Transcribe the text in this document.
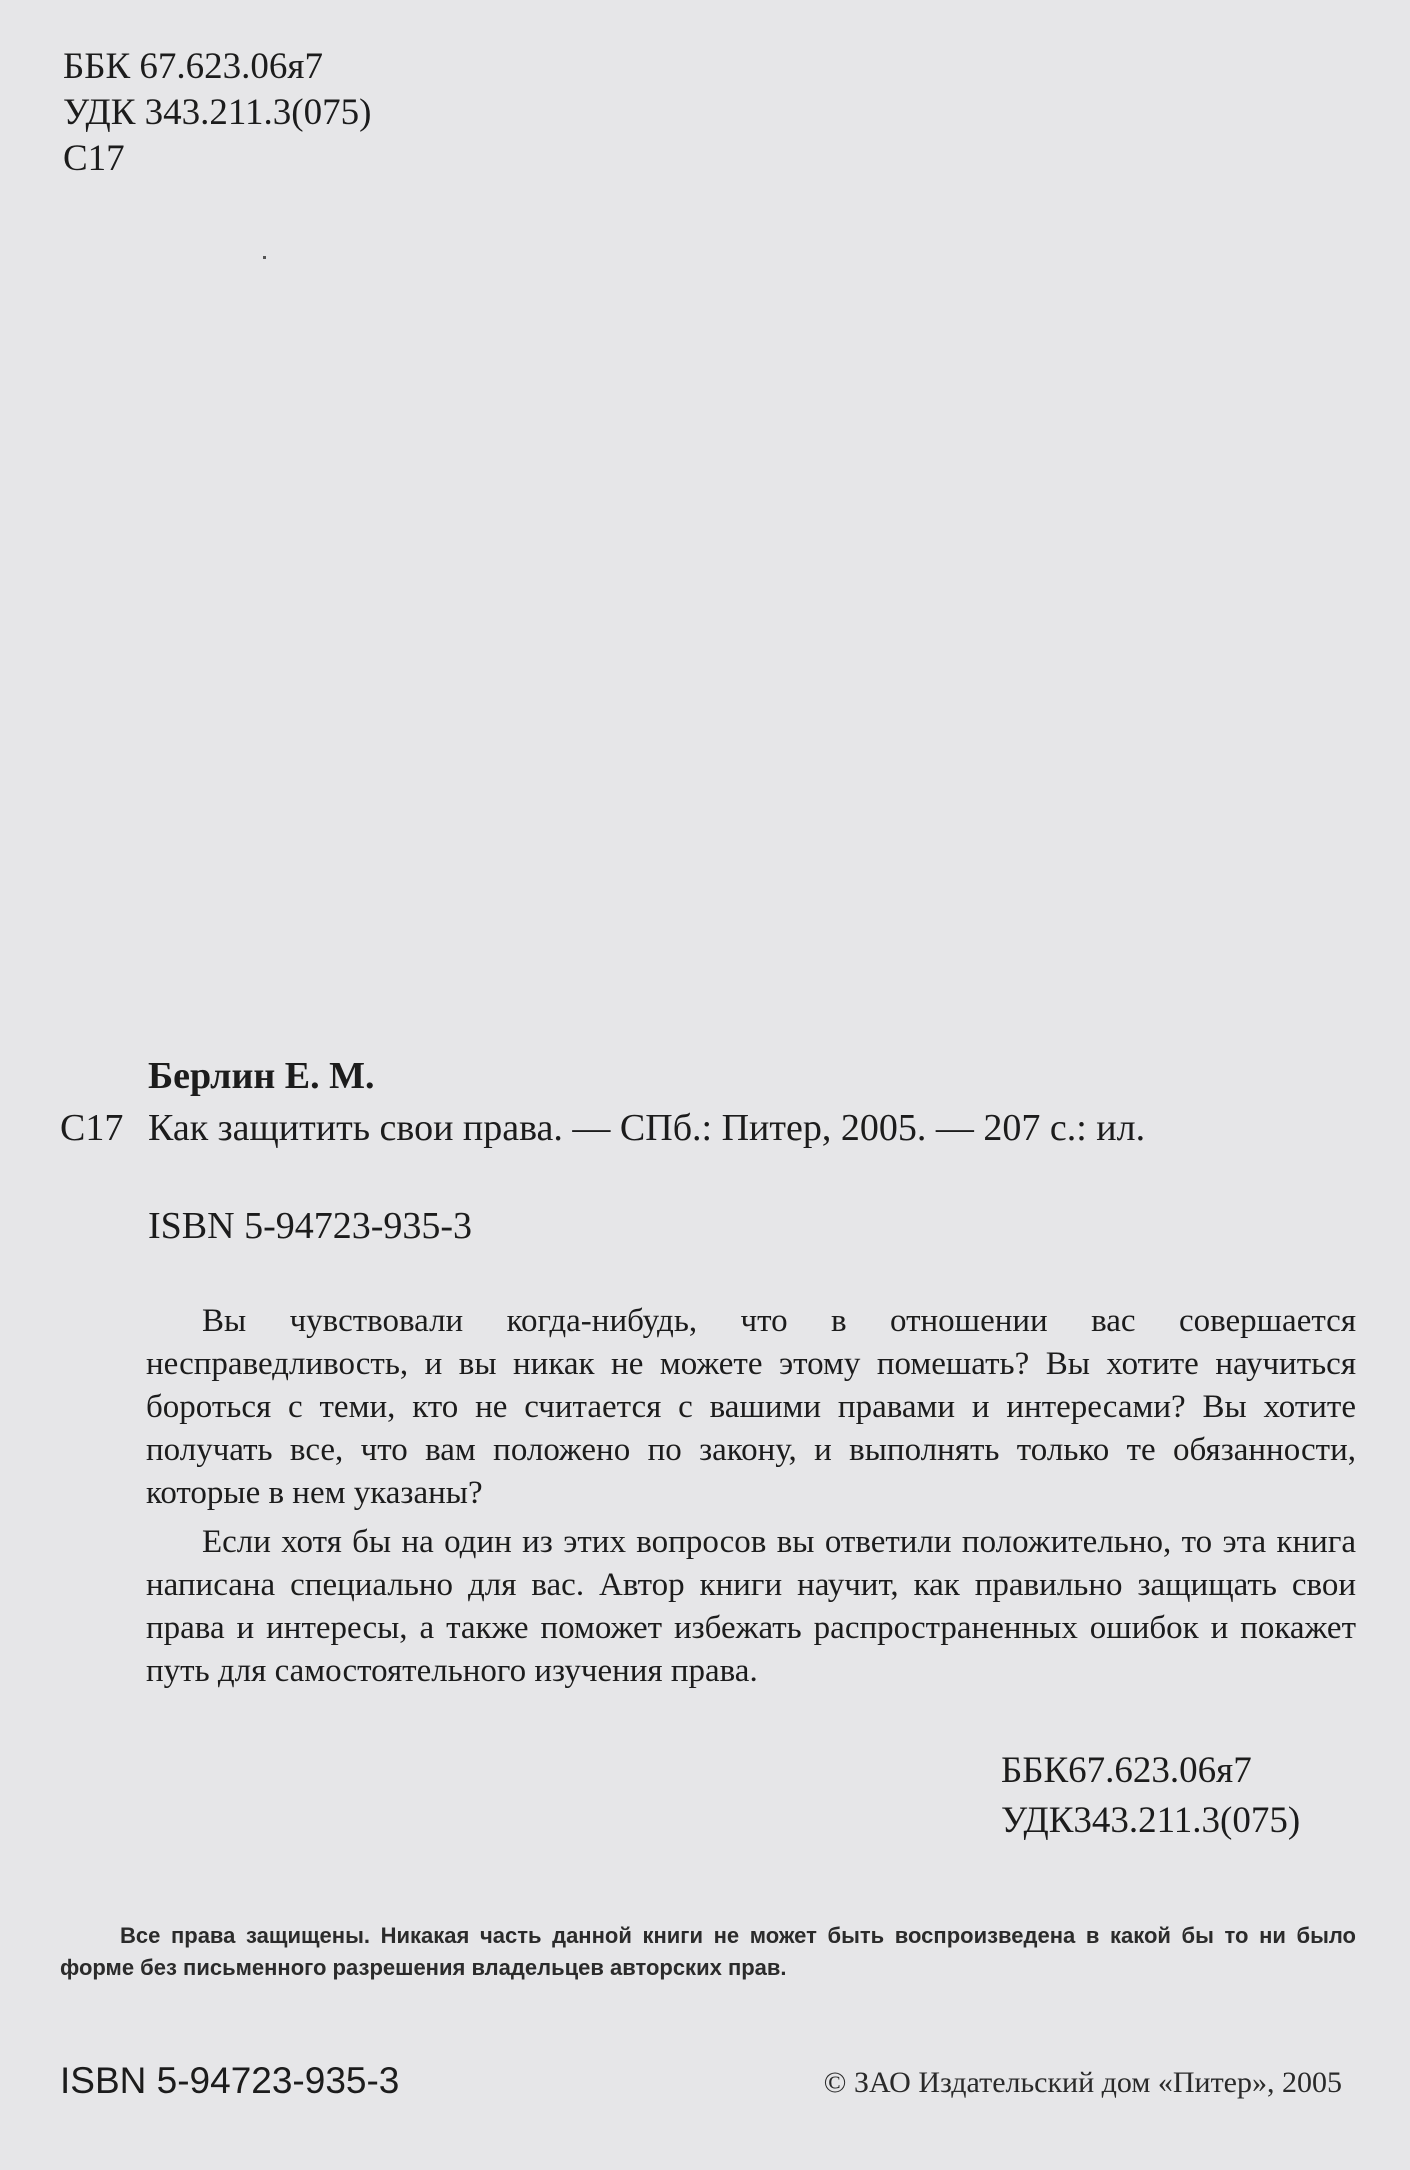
ББК 67.623.06я7
УДК 343.211.3(075)
С17
Берлин Е. М.
С17 Как защитить свои права. — СПб.: Питер, 2005. — 207 с.: ил.
ISBN 5-94723-935-3

Вы чувствовали когда-нибудь, что в отношении вас совершается несправедливость, и вы никак не можете этому помешать? Вы хотите научиться бороться с теми, кто не считается с вашими правами и интересами? Вы хотите получать все, что вам положено по закону, и выполнять только те обязанности, которые в нем указаны?

Если хотя бы на один из этих вопросов вы ответили положительно, то эта книга написана специально для вас. Автор книги научит, как правильно защищать свои права и интересы, а также поможет избежать распространенных ошибок и покажет путь для самостоятельного изучения права.

ББК67.623.06я7
УДК343.211.3(075)
Все права защищены. Никакая часть данной книги не может быть воспроизведена в какой бы то ни было форме без письменного разрешения владельцев авторских прав.
ISBN 5-94723-935-3	© ЗАО Издательский дом «Питер», 2005
